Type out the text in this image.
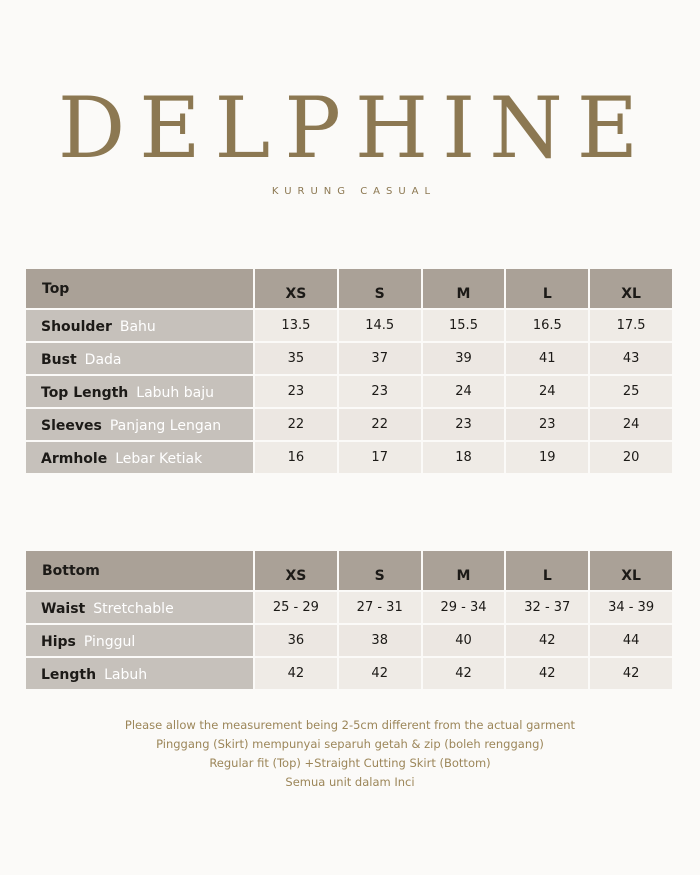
DELPHINE
KURUNG CASUAL
Top	XS	S	M	L	XL
Shoulder Bahu	13.5	14.5	15.5	16.5	17.5
Bust Dada	35	37	39	41	43
Top Length Labuh baju	23	23	24	24	25
Sleeves Panjang Lengan	22	22	23	23	24
Armhole Lebar Ketiak	16	17	18	19	20
Bottom	XS	S	M	L	XL
Waist Stretchable	25 - 29	27 - 31	29 - 34	32 - 37	34 - 39
Hips Pinggul	36	38	40	42	44
Length Labuh	42	42	42	42	42

Please allow the measurement being 2-5cm different from the actual garment

Pinggang (Skirt) mempunyai separuh getah & zip (boleh renggang)

Regular fit (Top) +Straight Cutting Skirt (Bottom)

Semua unit dalam Inci
